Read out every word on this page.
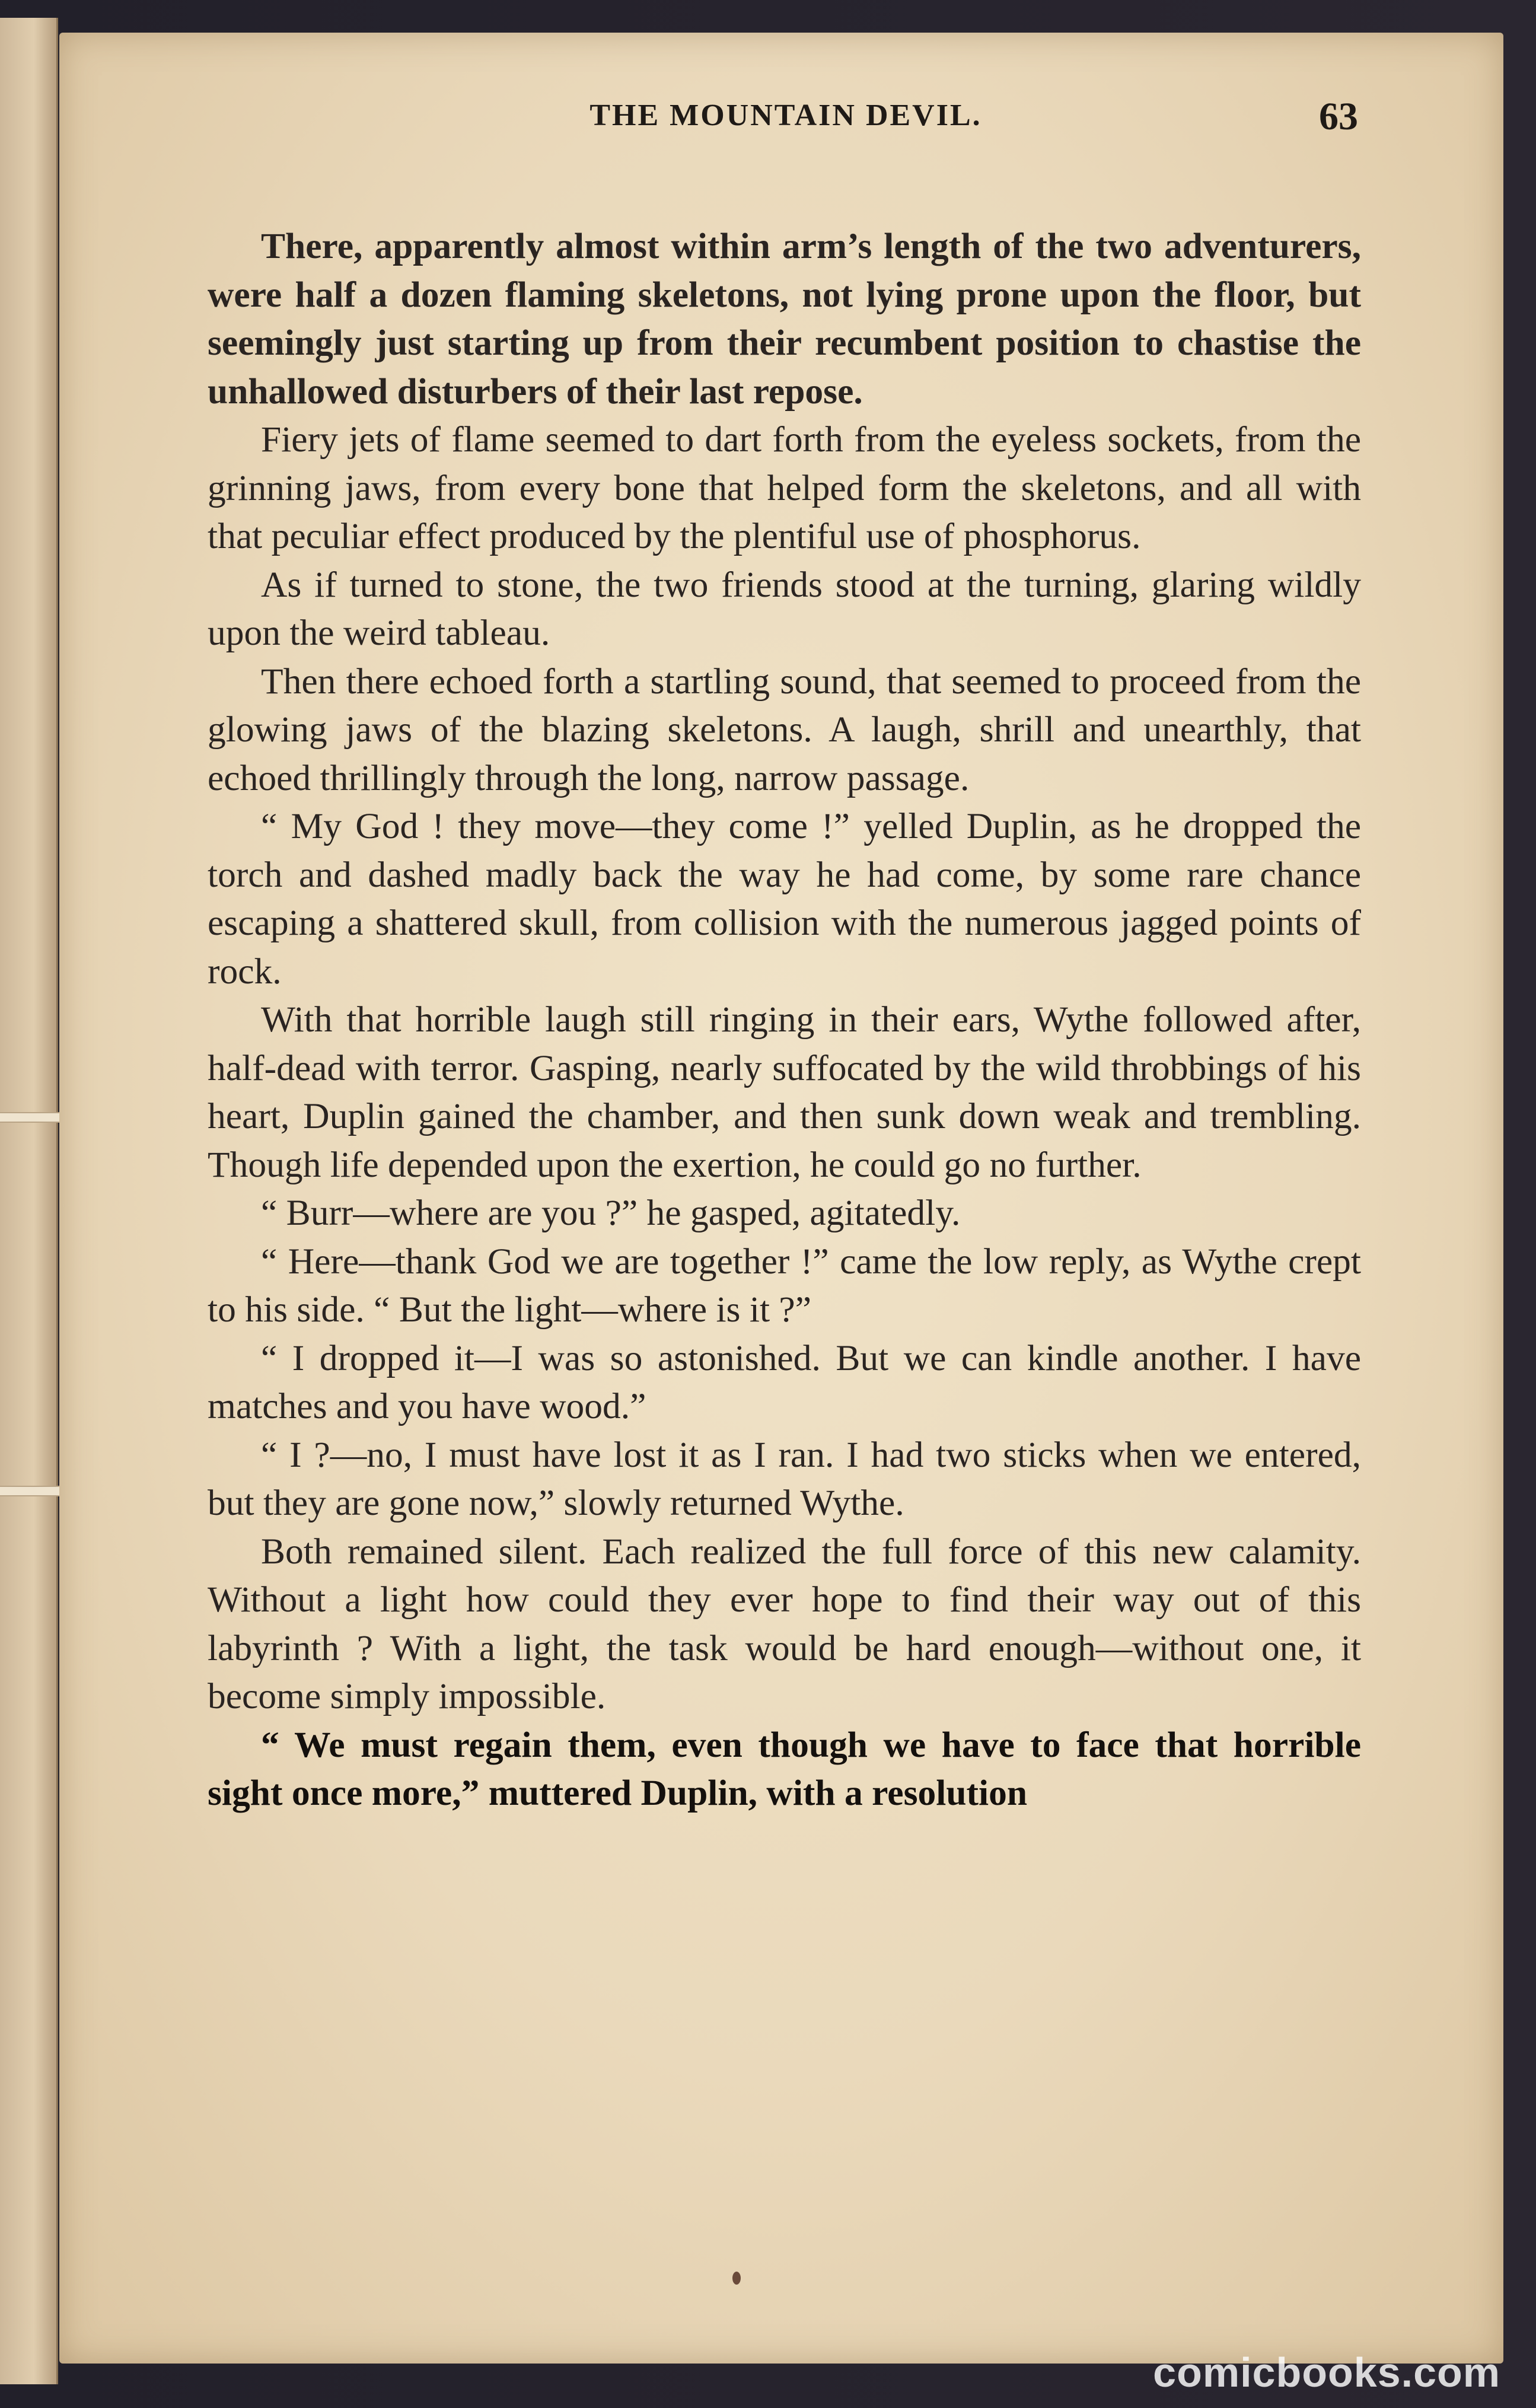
THE MOUNTAIN DEVIL.	63

There, apparently almost within arm’s length of the two adventurers, were half a dozen flaming skeletons, not lying prone upon the floor, but seemingly just starting up from their recumbent position to chastise the unhallowed disturbers of their last repose.

Fiery jets of flame seemed to dart forth from the eyeless sockets, from the grinning jaws, from every bone that helped form the skeletons, and all with that peculiar effect produced by the plentiful use of phosphorus.

As if turned to stone, the two friends stood at the turning, glaring wildly upon the weird tableau.

Then there echoed forth a startling sound, that seemed to proceed from the glowing jaws of the blazing skeletons. A laugh, shrill and unearthly, that echoed thrillingly through the long, narrow passage.

“ My God ! they move—they come !” yelled Duplin, as he dropped the torch and dashed madly back the way he had come, by some rare chance escaping a shattered skull, from collision with the numerous jagged points of rock.

With that horrible laugh still ringing in their ears, Wythe followed after, half-dead with terror. Gasping, nearly suffocated by the wild throbbings of his heart, Duplin gained the chamber, and then sunk down weak and trembling. Though life depended upon the exertion, he could go no further.

“ Burr—where are you ?” he gasped, agitatedly.

“ Here—thank God we are together !” came the low reply, as Wythe crept to his side. “ But the light—where is it ?”

“ I dropped it—I was so astonished. But we can kindle another. I have matches and you have wood.”

“ I ?—no, I must have lost it as I ran. I had two sticks when we entered, but they are gone now,” slowly returned Wythe.

Both remained silent. Each realized the full force of this new calamity. Without a light how could they ever hope to find their way out of this labyrinth ? With a light, the task would be hard enough—without one, it become simply impossible.

“ We must regain them, even though we have to face that horrible sight once more,” muttered Duplin, with a resolution

comicbooks.com
